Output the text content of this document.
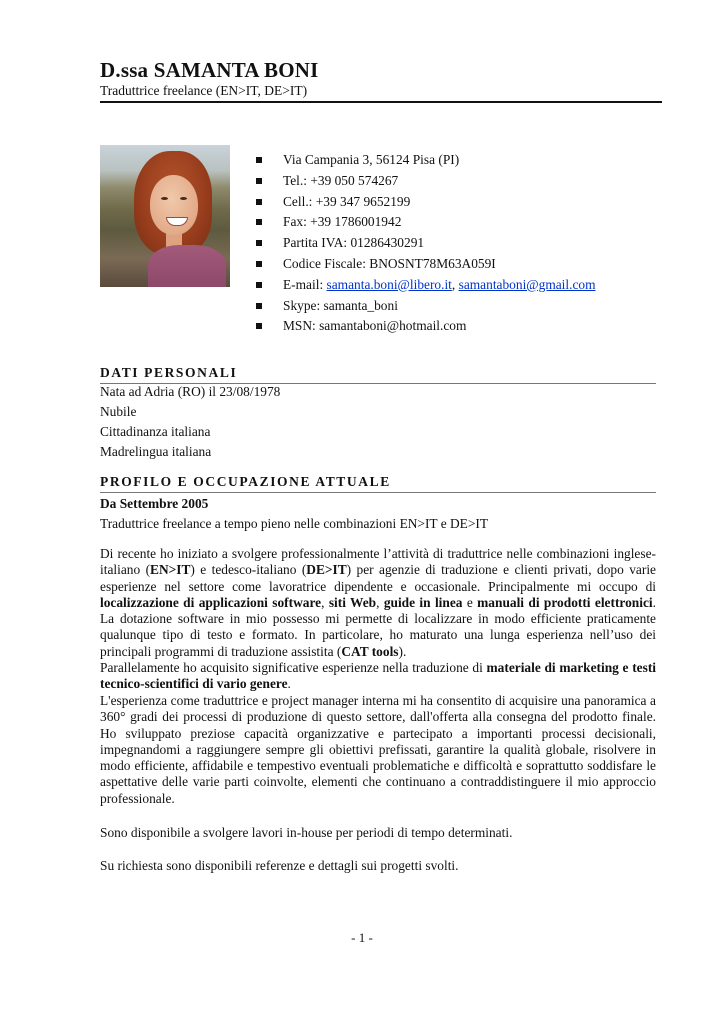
D.ssa SAMANTA BONI
Traduttrice freelance (EN>IT, DE>IT)
Via Campania 3, 56124 Pisa (PI)
Tel.: +39 050 574267
Cell.: +39 347 9652199
Fax: +39 1786001942
Partita IVA: 01286430291
Codice Fiscale: BNOSNT78M63A059I
E-mail: samanta.boni@libero.it, samantaboni@gmail.com
Skype: samanta_boni
MSN: samantaboni@hotmail.com
DATI PERSONALI
Nata ad Adria (RO) il 23/08/1978
Nubile
Cittadinanza italiana
Madrelingua italiana
PROFILO E OCCUPAZIONE ATTUALE
Da Settembre 2005
Traduttrice freelance a tempo pieno nelle combinazioni EN>IT e DE>IT

Di recente ho iniziato a svolgere professionalmente l’attività di traduttrice nelle combinazioni inglese-italiano (EN>IT) e tedesco-italiano (DE>IT) per agenzie di traduzione e clienti privati, dopo varie esperienze nel settore come lavoratrice dipendente e occasionale. Principalmente mi occupo di localizzazione di applicazioni software, siti Web, guide in linea e manuali di prodotti elettronici. La dotazione software in mio possesso mi permette di localizzare in modo efficiente praticamente qualunque tipo di testo e formato. In particolare, ho maturato una lunga esperienza nell’uso dei principali programmi di traduzione assistita (CAT tools).

Parallelamente ho acquisito significative esperienze nella traduzione di materiale di marketing e testi tecnico-scientifici di vario genere.

L'esperienza come traduttrice e project manager interna mi ha consentito di acquisire una panoramica a 360° gradi dei processi di produzione di questo settore, dall'offerta alla consegna del prodotto finale. Ho sviluppato preziose capacità organizzative e partecipato a importanti processi decisionali, impegnandomi a raggiungere sempre gli obiettivi prefissati, garantire la qualità globale, risolvere in modo efficiente, affidabile e tempestivo eventuali problematiche e difficoltà e soprattutto soddisfare le aspettative delle varie parti coinvolte, elementi che continuano a contraddistinguere il mio approccio professionale.

Sono disponibile a svolgere lavori in-house per periodi di tempo determinati.

Su richiesta sono disponibili referenze e dettagli sui progetti svolti.

- 1 -
